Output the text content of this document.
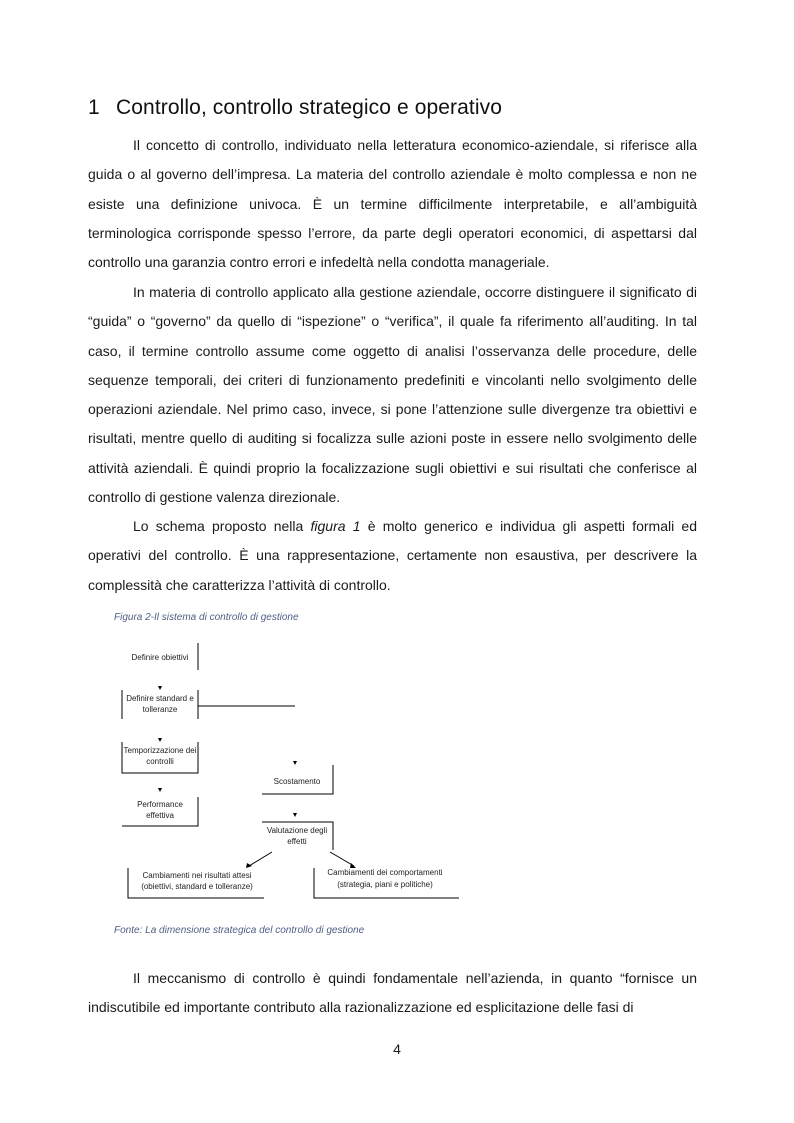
1 Controllo, controllo strategico e operativo

Il concetto di controllo, individuato nella letteratura economico-aziendale, si riferisce alla guida o al governo dell’impresa. La materia del controllo aziendale è molto complessa e non ne esiste una definizione univoca. È un termine difficilmente interpretabile, e all’ambiguità terminologica corrisponde spesso l’errore, da parte degli operatori economici, di aspettarsi dal controllo una garanzia contro errori e infedeltà nella condotta manageriale.

In materia di controllo applicato alla gestione aziendale, occorre distinguere il significato di “guida” o “governo” da quello di “ispezione” o “verifica”, il quale fa riferimento all’auditing. In tal caso, il termine controllo assume come oggetto di analisi l’osservanza delle procedure, delle sequenze temporali, dei criteri di funzionamento predefiniti e vincolanti nello svolgimento delle operazioni aziendale. Nel primo caso, invece, si pone l’attenzione sulle divergenze tra obiettivi e risultati, mentre quello di auditing si focalizza sulle azioni poste in essere nello svolgimento delle attività aziendali. È quindi proprio la focalizzazione sugli obiettivi e sui risultati che conferisce al controllo di gestione valenza direzionale.

Lo schema proposto nella figura 1 è molto generico e individua gli aspetti formali ed operativi del controllo. È una rappresentazione, certamente non esaustiva, per descrivere la complessità che caratterizza l’attività di controllo.

Figura 2-Il sistema di controllo di gestione
Definire obiettivi
Definire standard e
tolleranze
Temporizzazione dei
controlli
Scostamento
Performance
effettiva
Valutazione degli
effetti
Cambiamenti nei risultati attesi
(obiettivi, standard e tolleranze)
Cambiamenti dei comportamenti
(strategia, piani e politiche)
Fonte: La dimensione strategica del controllo di gestione

Il meccanismo di controllo è quindi fondamentale nell’azienda, in quanto “fornisce un indiscutibile ed importante contributo alla razionalizzazione ed esplicitazione delle fasi di

4
